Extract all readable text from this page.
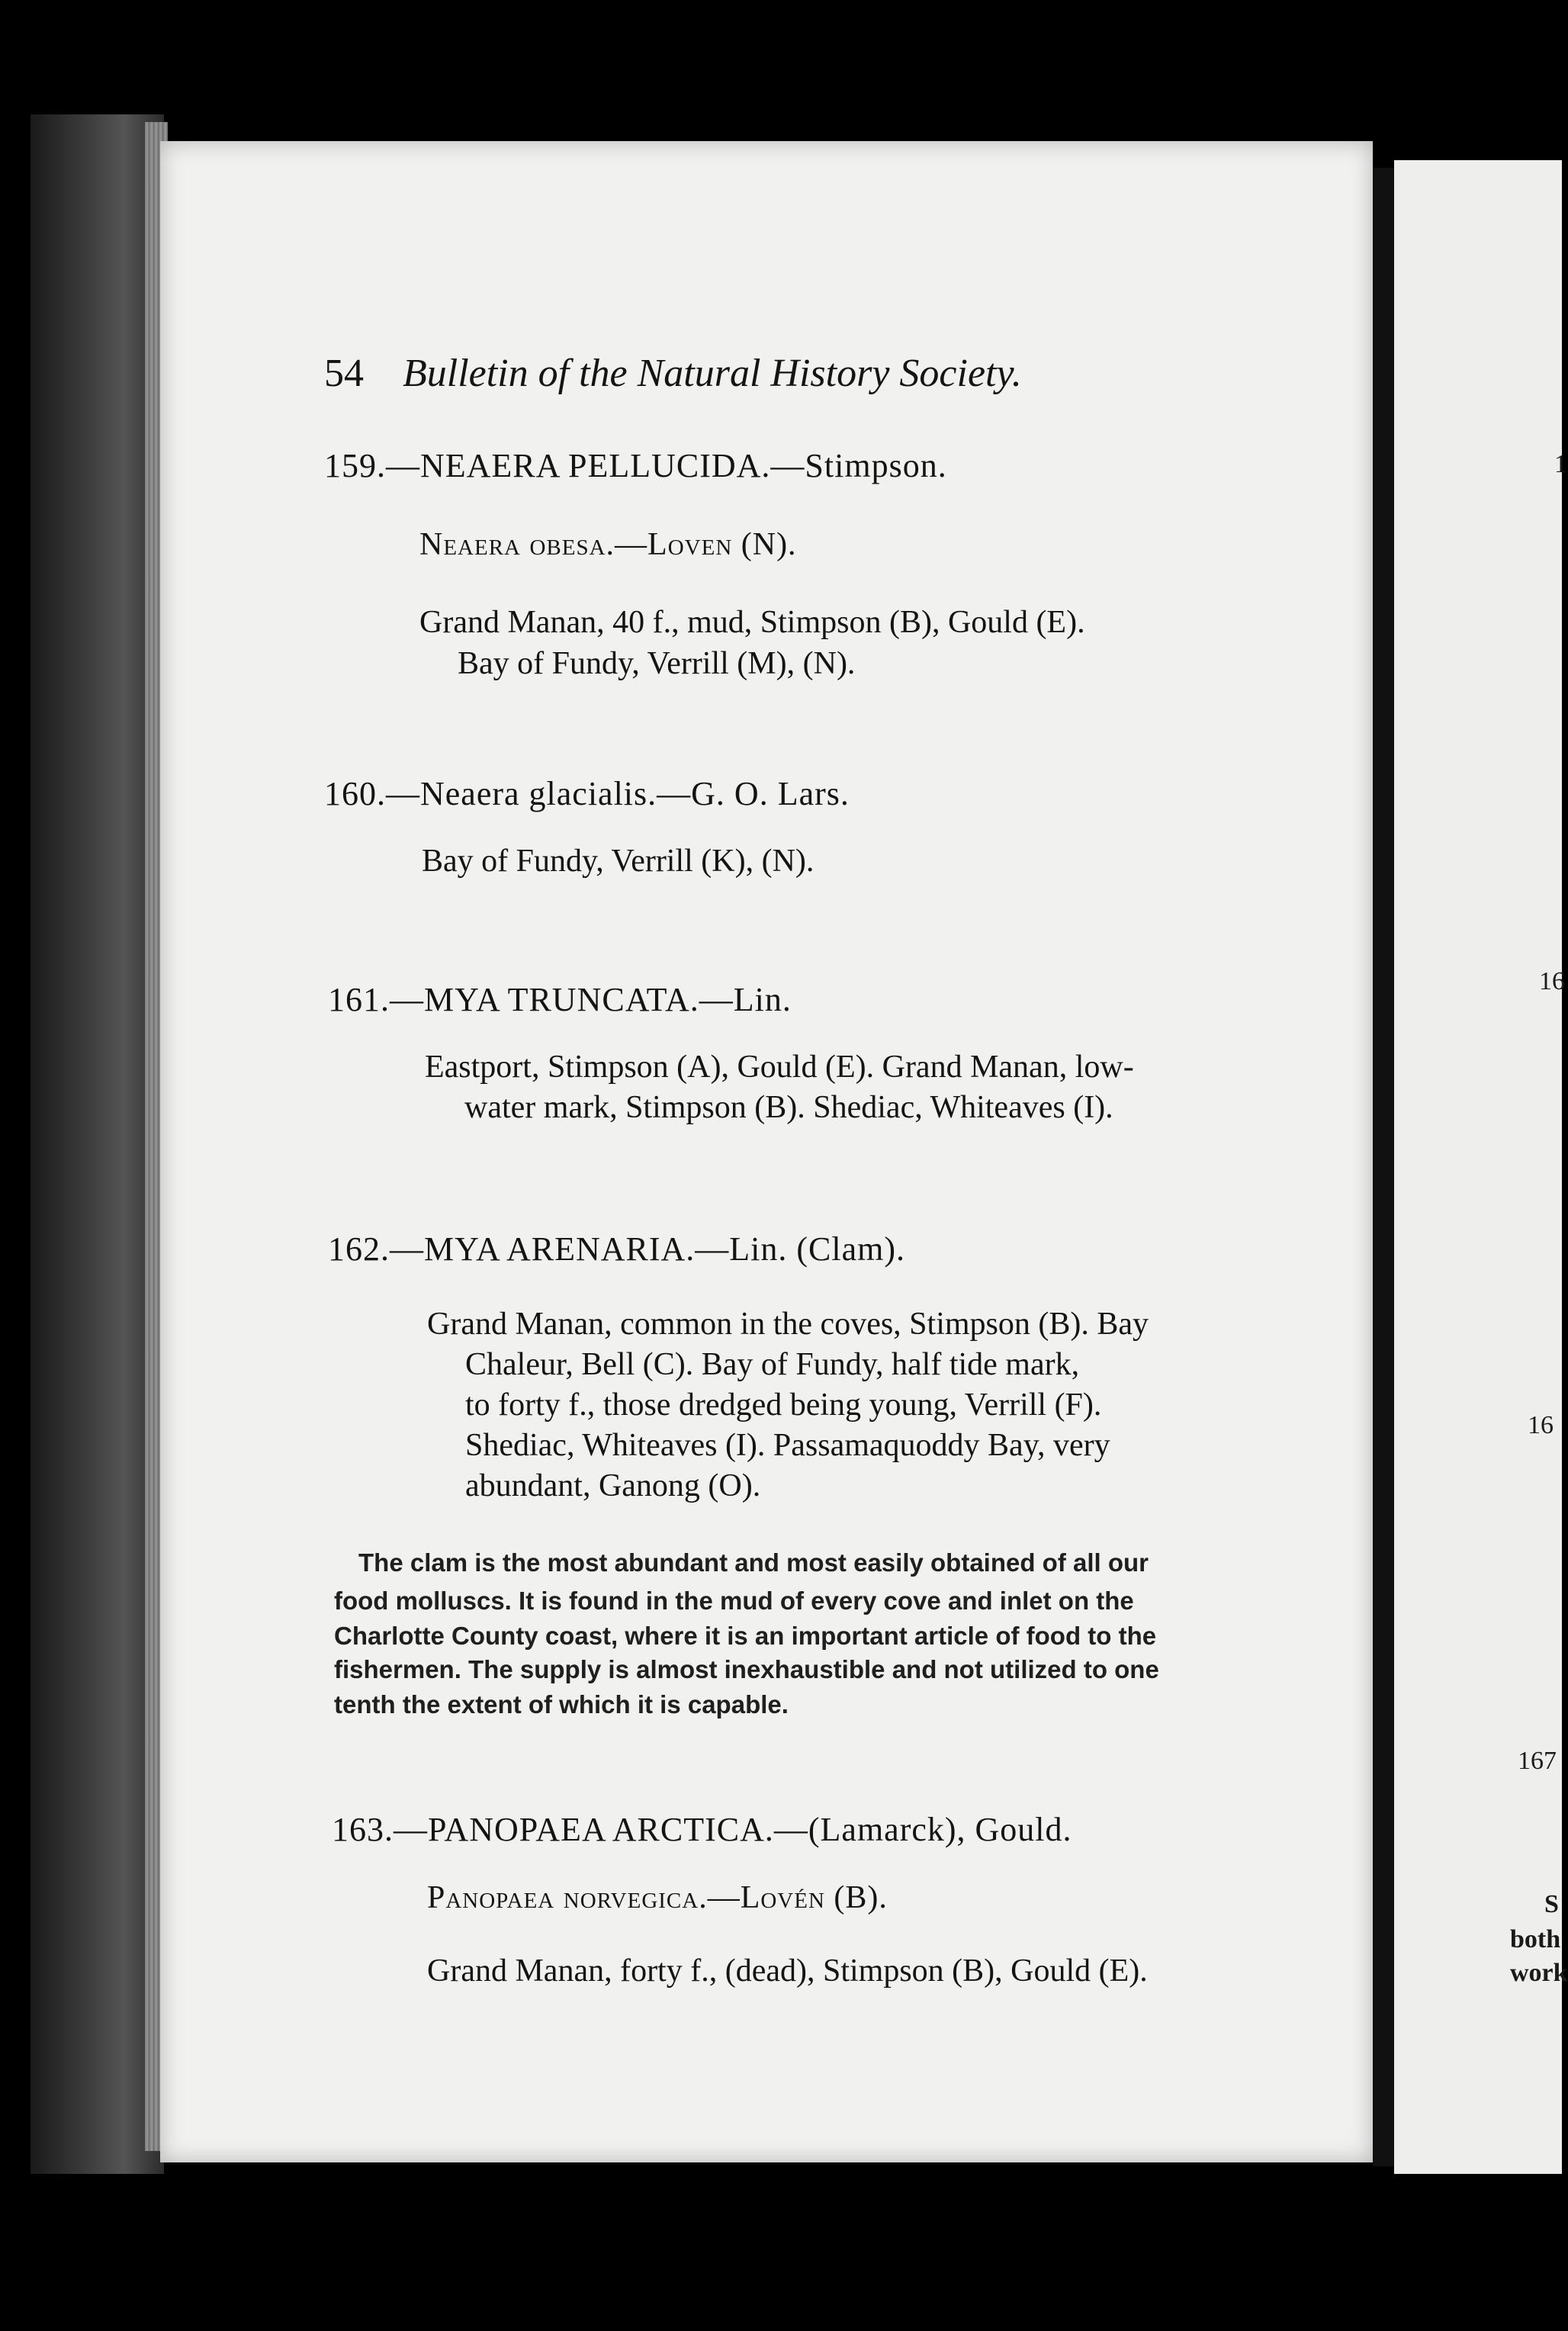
1
16
16
167
S
both
work
54 Bulletin of the Natural History Society.
159.—NEAERA PELLUCIDA.—Stimpson.
Neaera obesa.—Loven (N).
Grand Manan, 40 f., mud, Stimpson (B), Gould (E).
Bay of Fundy, Verrill (M), (N).
160.—Neaera glacialis.—G. O. Lars.
Bay of Fundy, Verrill (K), (N).
161.—MYA TRUNCATA.—Lin.
Eastport, Stimpson (A), Gould (E). Grand Manan, low-
water mark, Stimpson (B). Shediac, Whiteaves (I).
162.—MYA ARENARIA.—Lin. (Clam).
Grand Manan, common in the coves, Stimpson (B). Bay
Chaleur, Bell (C). Bay of Fundy, half tide mark,
to forty f., those dredged being young, Verrill (F).
Shediac, Whiteaves (I). Passamaquoddy Bay, very
abundant, Ganong (O).
The clam is the most abundant and most easily obtained of all our
food molluscs. It is found in the mud of every cove and inlet on the
Charlotte County coast, where it is an important article of food to the
fishermen. The supply is almost inexhaustible and not utilized to one
tenth the extent of which it is capable.
163.—PANOPAEA ARCTICA.—(Lamarck), Gould.
Panopaea norvegica.—Lovén (B).
Grand Manan, forty f., (dead), Stimpson (B), Gould (E).
